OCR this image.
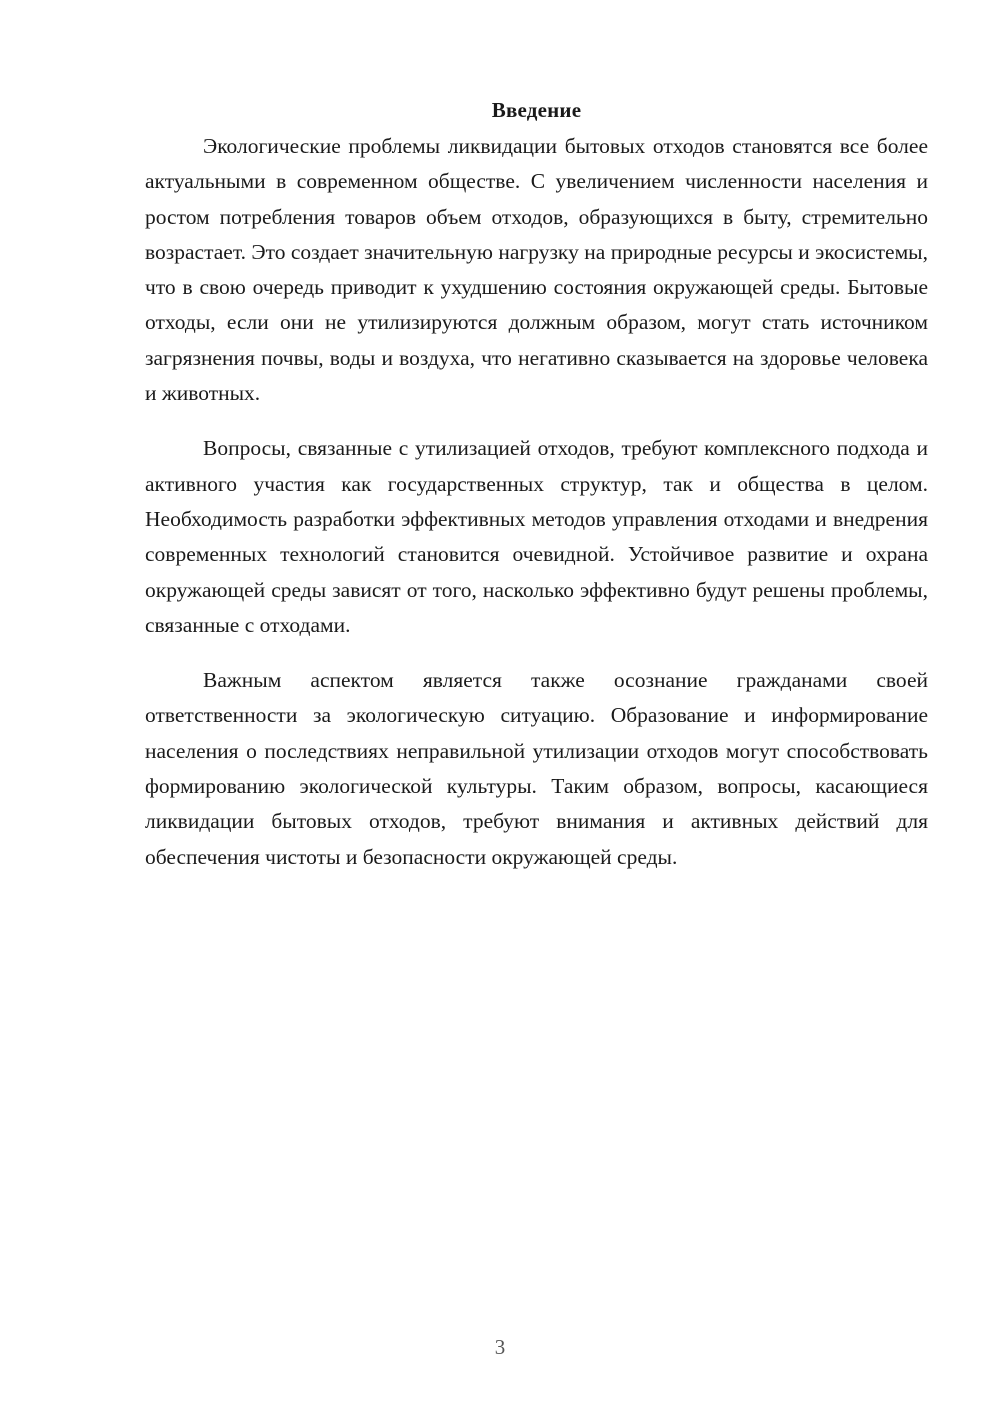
Введение

Экологические проблемы ликвидации бытовых отходов становятся все более актуальными в современном обществе. С увеличением численности населения и ростом потребления товаров объем отходов, образующихся в быту, стремительно возрастает. Это создает значительную нагрузку на природные ресурсы и экосистемы, что в свою очередь приводит к ухудшению состояния окружающей среды. Бытовые отходы, если они не утилизируются должным образом, могут стать источником загрязнения почвы, воды и воздуха, что негативно сказывается на здоровье человека и животных.

Вопросы, связанные с утилизацией отходов, требуют комплексного подхода и активного участия как государственных структур, так и общества в целом. Необходимость разработки эффективных методов управления отходами и внедрения современных технологий становится очевидной. Устойчивое развитие и охрана окружающей среды зависят от того, насколько эффективно будут решены проблемы, связанные с отходами.

Важным аспектом является также осознание гражданами своей ответственности за экологическую ситуацию. Образование и информирование населения о последствиях неправильной утилизации отходов могут способствовать формированию экологической культуры. Таким образом, вопросы, касающиеся ликвидации бытовых отходов, требуют внимания и активных действий для обеспечения чистоты и безопасности окружающей среды.

3
